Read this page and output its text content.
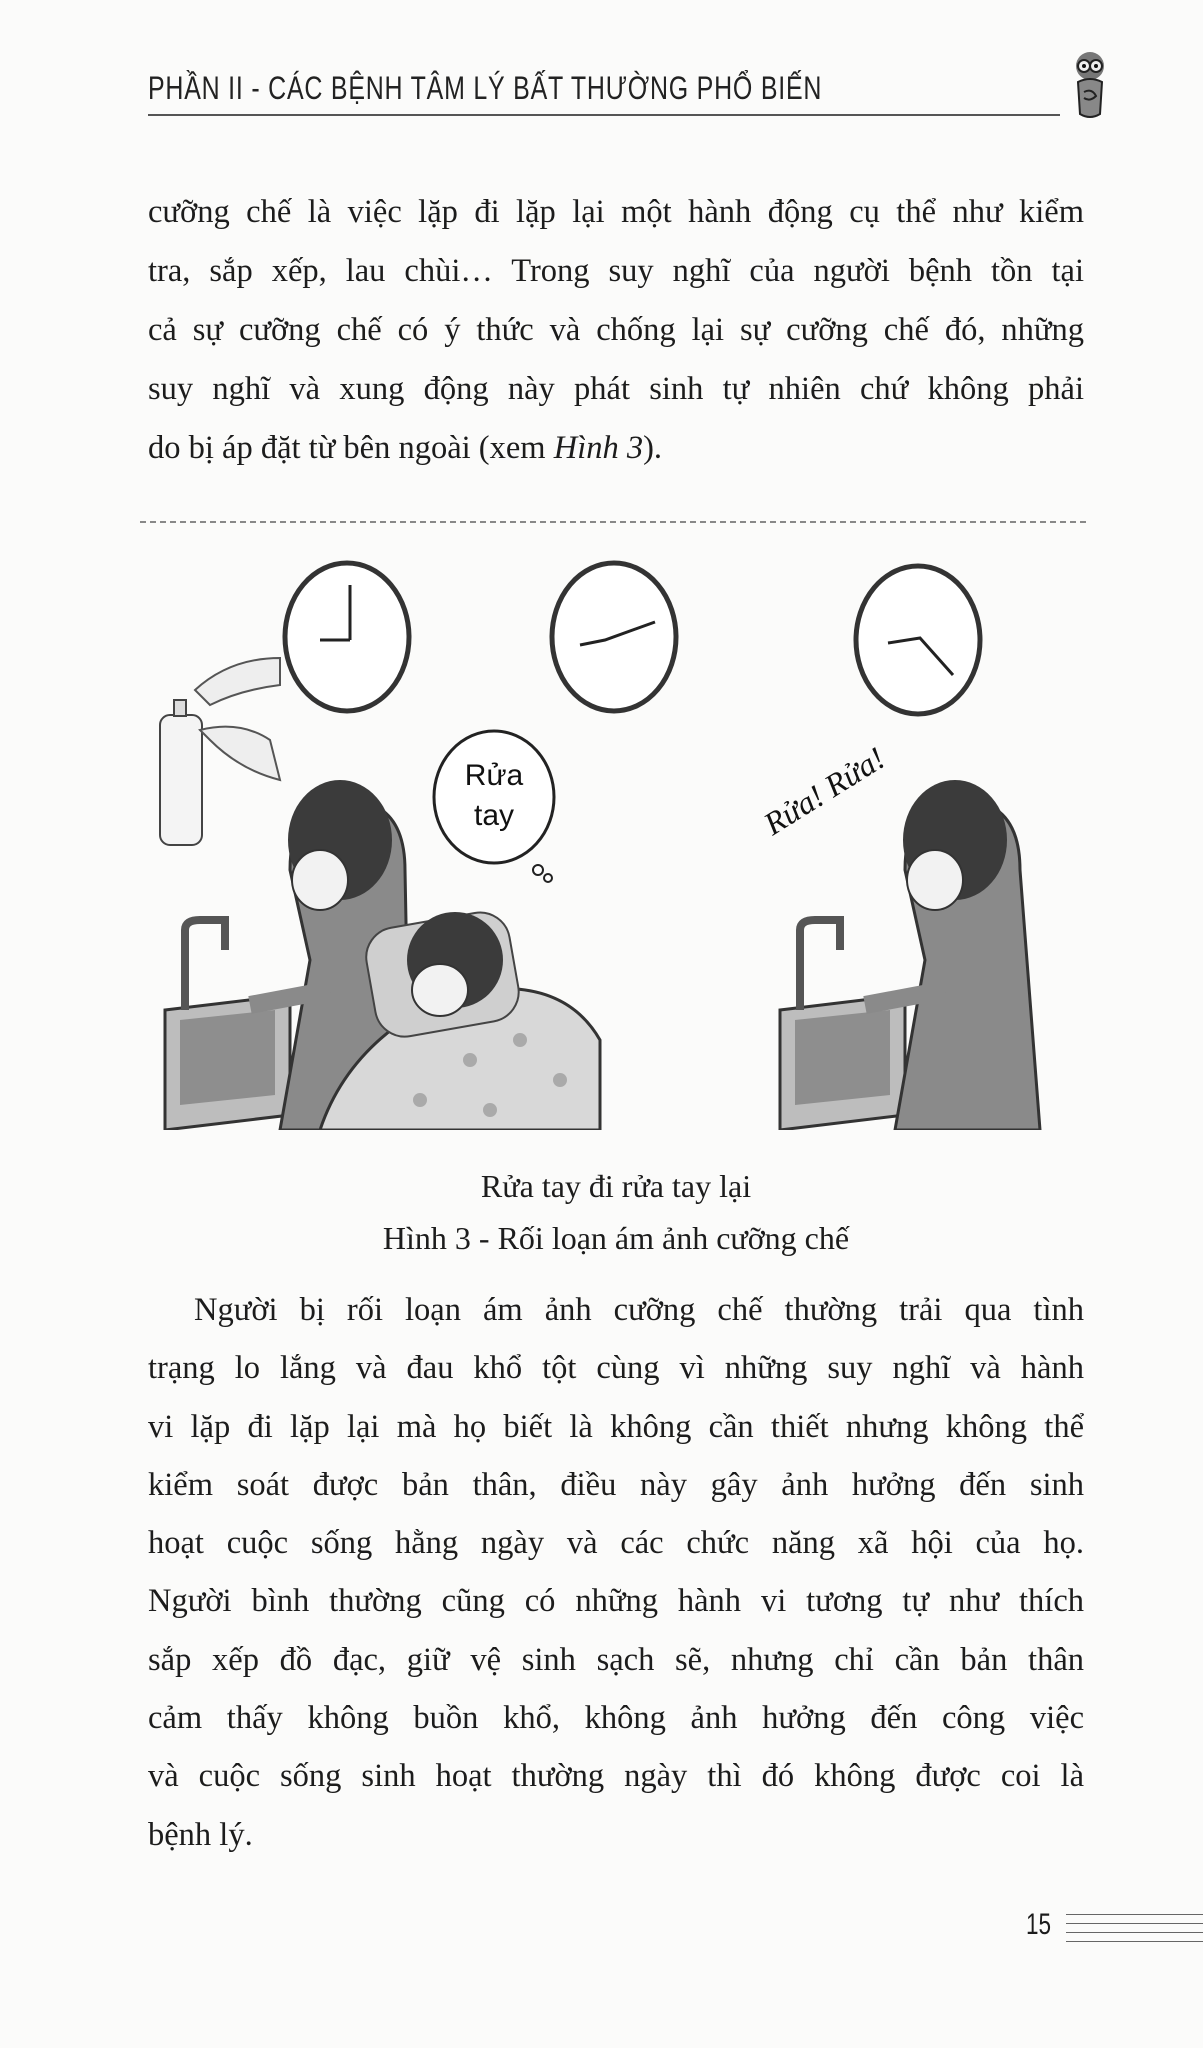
PHẦN II - CÁC BỆNH TÂM LÝ BẤT THƯỜNG PHỔ BIẾN
cưỡng chế là việc lặp đi lặp lại một hành động cụ thể như kiểm
tra, sắp xếp, lau chùi… Trong suy nghĩ của người bệnh tồn tại
cả sự cưỡng chế có ý thức và chống lại sự cưỡng chế đó, những
suy nghĩ và xung động này phát sinh tự nhiên chứ không phải
do bị áp đặt từ bên ngoài (xem Hình 3).
Rửa
tay	Rửa! Rửa!
Rửa tay đi rửa tay lại
Hình 3 - Rối loạn ám ảnh cưỡng chế
Người bị rối loạn ám ảnh cưỡng chế thường trải qua tình
trạng lo lắng và đau khổ tột cùng vì những suy nghĩ và hành
vi lặp đi lặp lại mà họ biết là không cần thiết nhưng không thể
kiểm soát được bản thân, điều này gây ảnh hưởng đến sinh
hoạt cuộc sống hằng ngày và các chức năng xã hội của họ.
Người bình thường cũng có những hành vi tương tự như thích
sắp xếp đồ đạc, giữ vệ sinh sạch sẽ, nhưng chỉ cần bản thân
cảm thấy không buồn khổ, không ảnh hưởng đến công việc
và cuộc sống sinh hoạt thường ngày thì đó không được coi là
bệnh lý.
15
